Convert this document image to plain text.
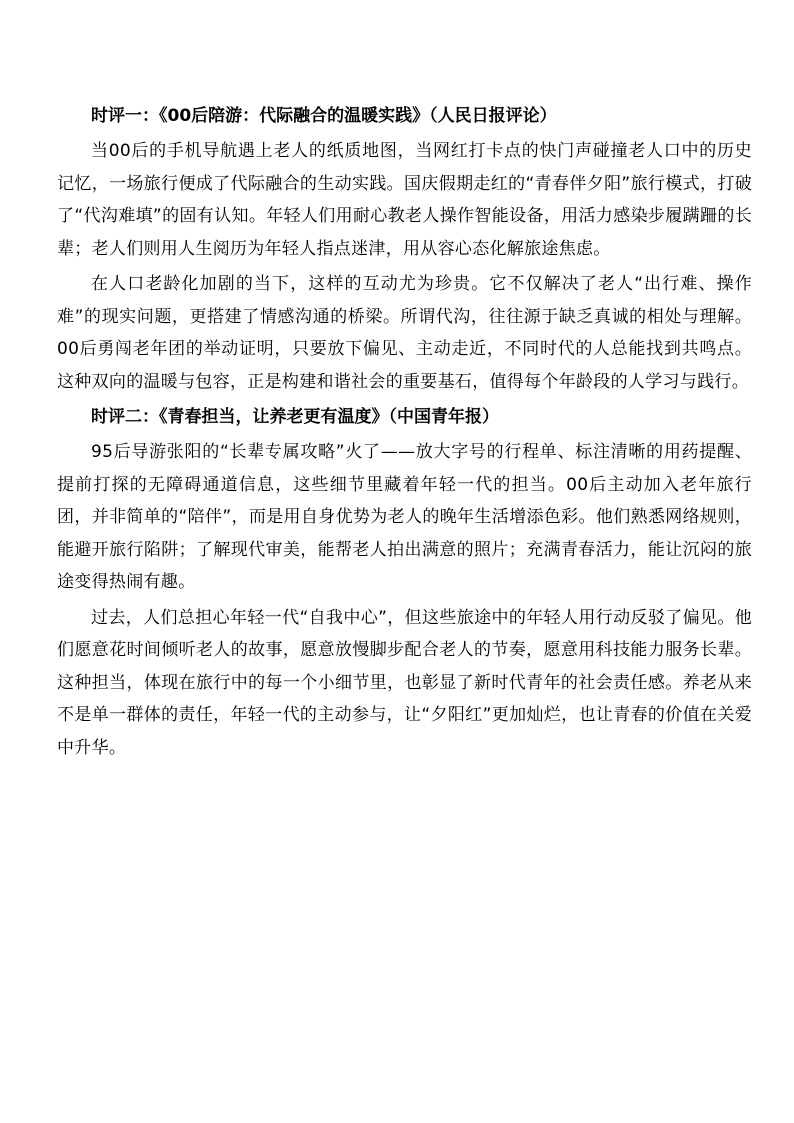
时评一：《00后陪游：代际融合的温暖实践》（人民日报评论）

当00后的手机导航遇上老人的纸质地图，当网红打卡点的快门声碰撞老人口中的历史记忆，一场旅行便成了代际融合的生动实践。国庆假期走红的“青春伴夕阳”旅行模式，打破了“代沟难填”的固有认知。年轻人们用耐心教老人操作智能设备，用活力感染步履蹒跚的长辈；老人们则用人生阅历为年轻人指点迷津，用从容心态化解旅途焦虑。

在人口老龄化加剧的当下，这样的互动尤为珍贵。它不仅解决了老人“出行难、操作难”的现实问题，更搭建了情感沟通的桥梁。所谓代沟，往往源于缺乏真诚的相处与理解。00后勇闯老年团的举动证明，只要放下偏见、主动走近，不同时代的人总能找到共鸣点。这种双向的温暖与包容，正是构建和谐社会的重要基石，值得每个年龄段的人学习与践行。

时评二：《青春担当，让养老更有温度》（中国青年报）

95后导游张阳的“长辈专属攻略”火了——放大字号的行程单、标注清晰的用药提醒、提前打探的无障碍通道信息，这些细节里藏着年轻一代的担当。00后主动加入老年旅行团，并非简单的“陪伴”，而是用自身优势为老人的晚年生活增添色彩。他们熟悉网络规则，能避开旅行陷阱；了解现代审美，能帮老人拍出满意的照片；充满青春活力，能让沉闷的旅途变得热闹有趣。

过去，人们总担心年轻一代“自我中心”，但这些旅途中的年轻人用行动反驳了偏见。他们愿意花时间倾听老人的故事，愿意放慢脚步配合老人的节奏，愿意用科技能力服务长辈。这种担当，体现在旅行中的每一个小细节里，也彰显了新时代青年的社会责任感。养老从来不是单一群体的责任，年轻一代的主动参与，让“夕阳红”更加灿烂，也让青春的价值在关爱中升华。
